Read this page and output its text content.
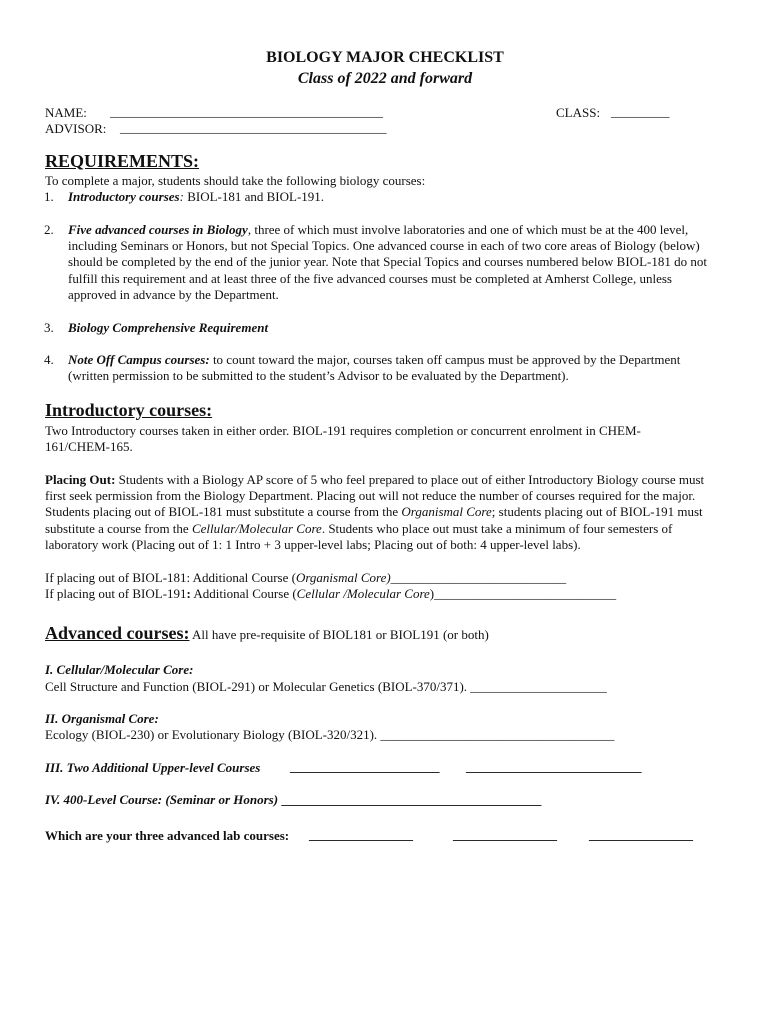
BIOLOGY MAJOR CHECKLIST
Class of 2022 and forward
NAME: __________________________________________	CLASS: _________
ADVISOR: _________________________________________
REQUIREMENTS:
To complete a major, students should take the following biology courses:
1. Introductory courses: BIOL-181 and BIOL-191.
2. Five advanced courses in Biology, three of which must involve laboratories and one of which must be at the 400 level, including Seminars or Honors, but not Special Topics. One advanced course in each of two core areas of Biology (below) should be completed by the end of the junior year. Note that Special Topics and courses numbered below BIOL-181 do not fulfill this requirement and at least three of the five advanced courses must be completed at Amherst College, unless approved in advance by the Department.
3. Biology Comprehensive Requirement
4. Note Off Campus courses: to count toward the major, courses taken off campus must be approved by the Department (written permission to be submitted to the student’s Advisor to be evaluated by the Department).
Introductory courses:
Two Introductory courses taken in either order. BIOL-191 requires completion or concurrent enrolment in CHEM-161/CHEM-165.
Placing Out: Students with a Biology AP score of 5 who feel prepared to place out of either Introductory Biology course must first seek permission from the Biology Department. Placing out will not reduce the number of courses required for the major. Students placing out of BIOL-181 must substitute a course from the Organismal Core; students placing out of BIOL-191 must substitute a course from the Cellular/Molecular Core. Students who place out must take a minimum of four semesters of laboratory work (Placing out of 1: 1 Intro + 3 upper-level labs; Placing out of both: 4 upper-level labs).
If placing out of BIOL-181: Additional Course (Organismal Core)___________________________
If placing out of BIOL-191: Additional Course (Cellular /Molecular Core)____________________________
Advanced courses: All have pre-requisite of BIOL181 or BIOL191 (or both)
I. Cellular/Molecular Core:
Cell Structure and Function (BIOL-291) or Molecular Genetics (BIOL-370/371). _____________________
II. Organismal Core:
Ecology (BIOL-230) or Evolutionary Biology (BIOL-320/321). ____________________________________
III. Two Additional Upper-level Courses _______________________ ___________________________
IV. 400-Level Course: (Seminar or Honors) ________________________________________
Which are your three advanced lab courses: ________________	________________ ________________
